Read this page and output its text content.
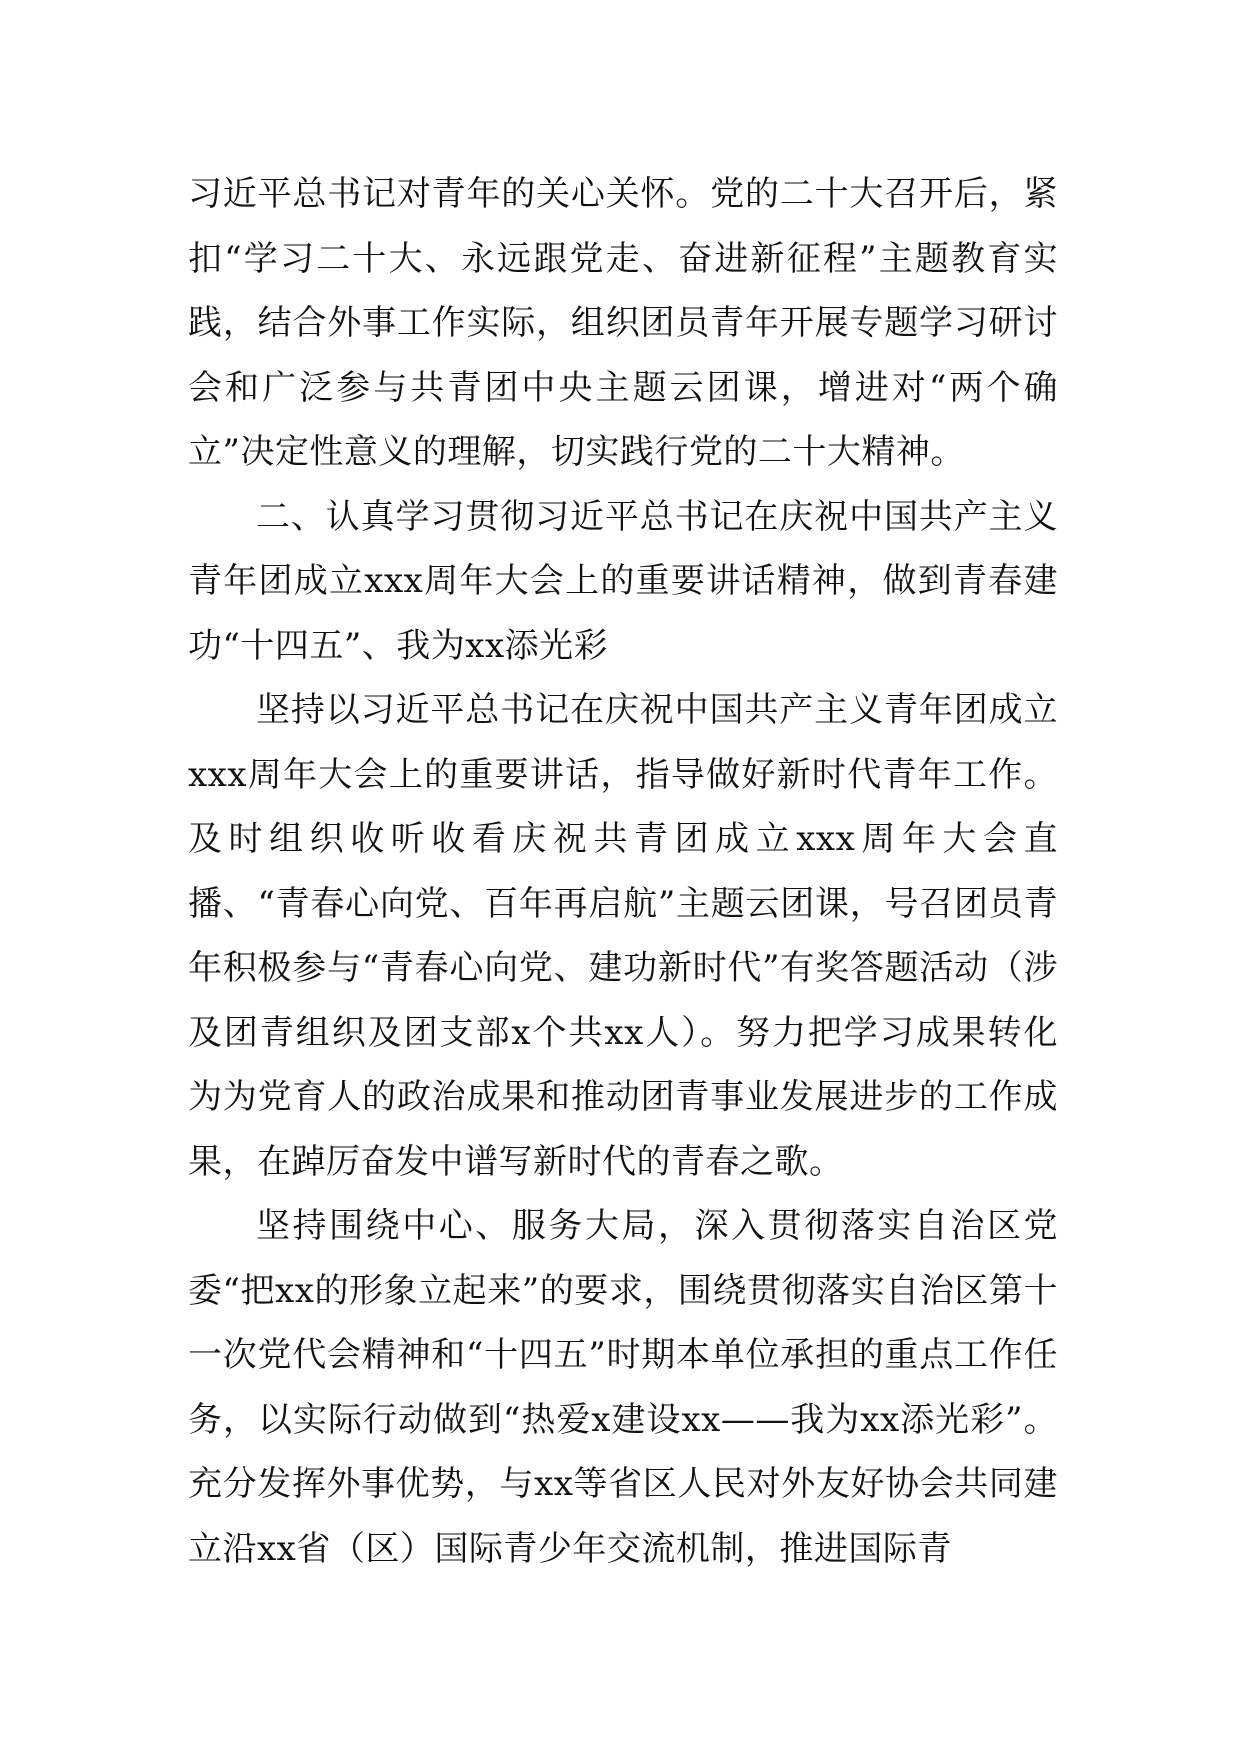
习近平总书记对青年的关心关怀。党的二十大召开后，紧扣“学习二十大、永远跟党走、奋进新征程”主题教育实践，结合外事工作实际，组织团员青年开展专题学习研讨会和广泛参与共青团中央主题云团课，增进对“两个确立”决定性意义的理解，切实践行党的二十大精神。

二、认真学习贯彻习近平总书记在庆祝中国共产主义青年团成立xxx周年大会上的重要讲话精神，做到青春建功“十四五”、我为xx添光彩

坚持以习近平总书记在庆祝中国共产主义青年团成立xxx周年大会上的重要讲话，指导做好新时代青年工作。及时组织收听收看庆祝共青团成立xxx周年大会直播、“青春心向党、百年再启航”主题云团课，号召团员青年积极参与“青春心向党、建功新时代”有奖答题活动（涉及团青组织及团支部x个共xx人）。努力把学习成果转化为为党育人的政治成果和推动团青事业发展进步的工作成果，在踔厉奋发中谱写新时代的青春之歌。

坚持围绕中心、服务大局，深入贯彻落实自治区党委“把xx的形象立起来”的要求，围绕贯彻落实自治区第十一次党代会精神和“十四五”时期本单位承担的重点工作任务，以实际行动做到“热爱x建设xx——我为xx添光彩”。充分发挥外事优势，与xx等省区人民对外友好协会共同建立沿xx省（区）国际青少年交流机制，推进国际青
